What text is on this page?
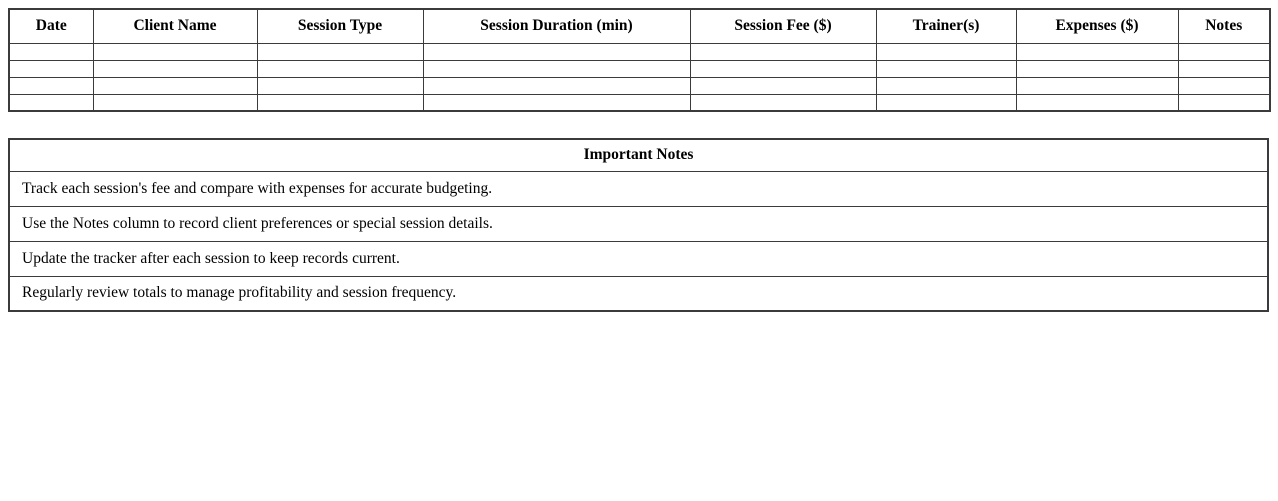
Date	Client Name	Session Type	Session Duration (min)	Session Fee ($)	Trainer(s)	Expenses ($)	Notes

Important Notes
Track each session's fee and compare with expenses for accurate budgeting.
Use the Notes column to record client preferences or special session details.
Update the tracker after each session to keep records current.
Regularly review totals to manage profitability and session frequency.
